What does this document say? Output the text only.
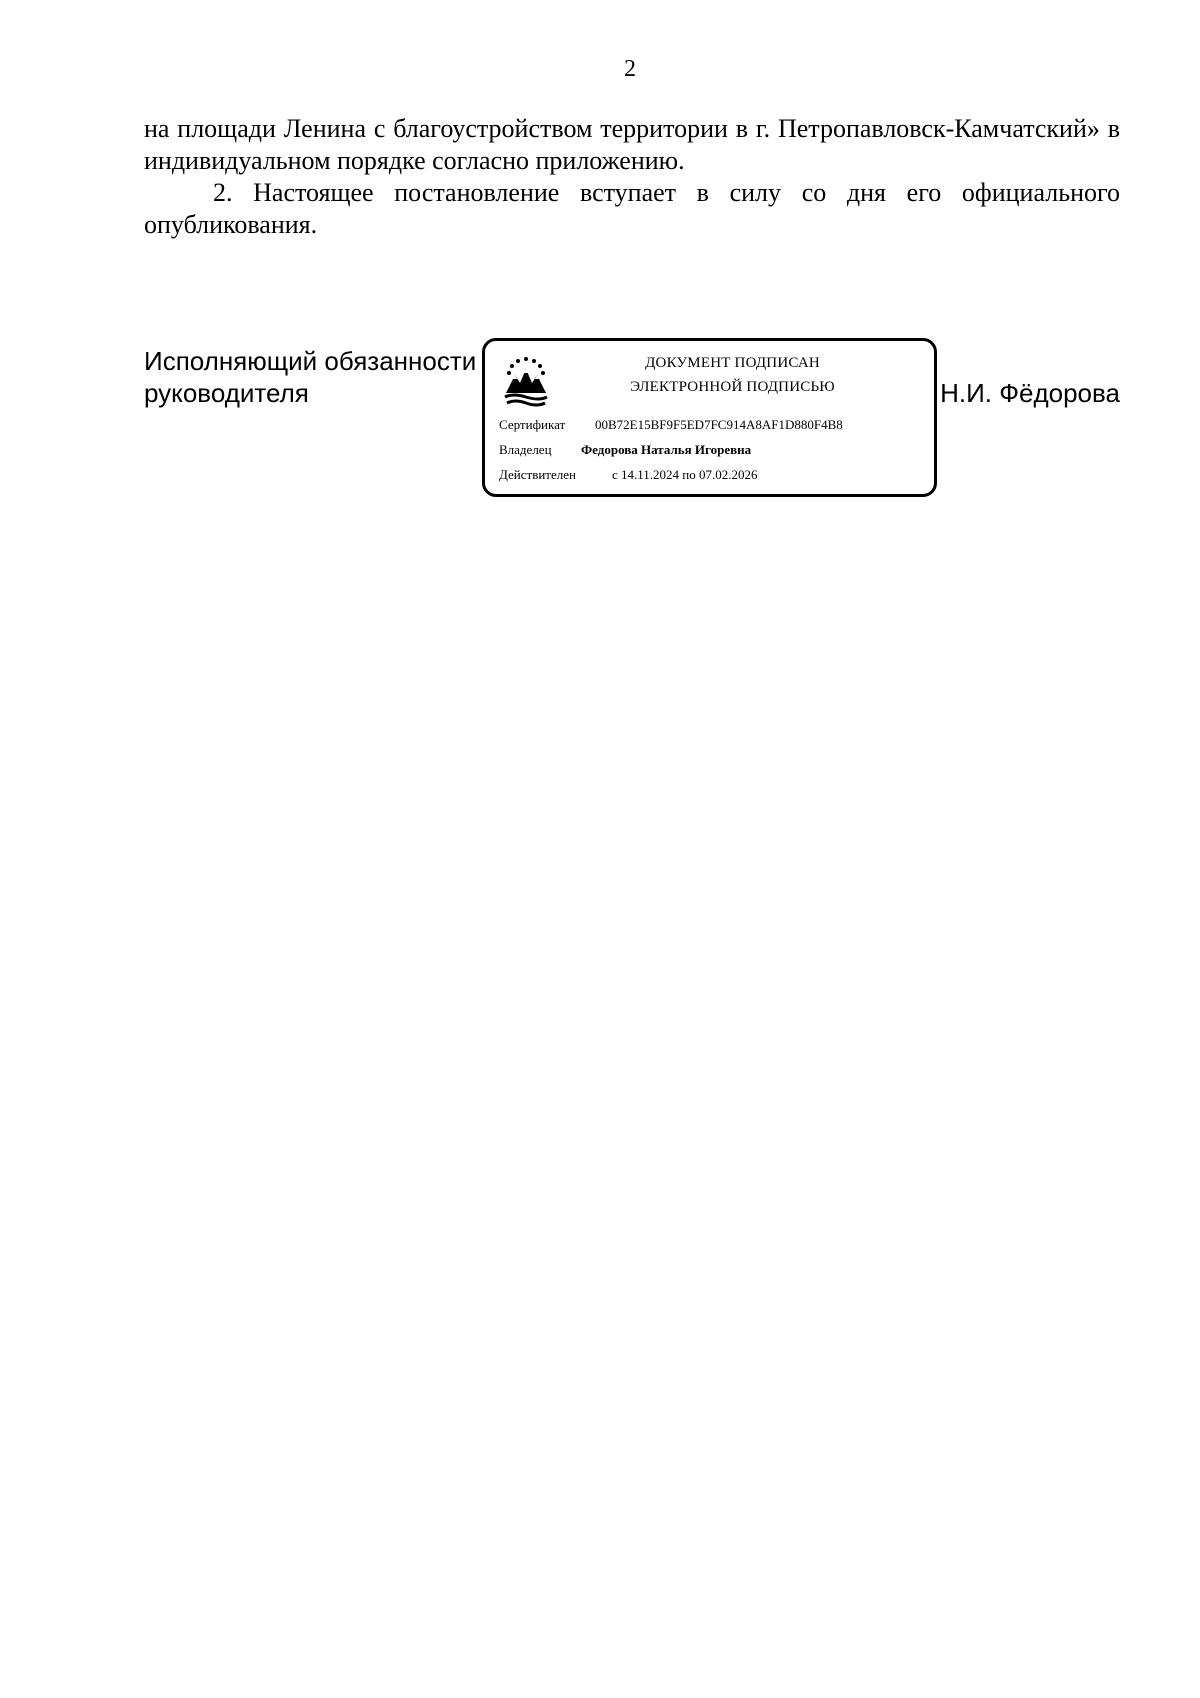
2

на площади Ленина с благоустройством территории в г. Петропавловск-Камчатский» в индивидуальном порядке согласно приложению.

2. Настоящее постановление вступает в силу со дня его официального опубликования.

Исполняющий обязанности
руководителя	Н.И. Фёдорова
ДОКУМЕНТ ПОДПИСАН
ЭЛЕКТРОННОЙ ПОДПИСЬЮ
Сертификат 00B72E15BF9F5ED7FC914A8AF1D880F4B8
Владелец Федорова Наталья Игоревна
Действителен	с 14.11.2024 по 07.02.2026
